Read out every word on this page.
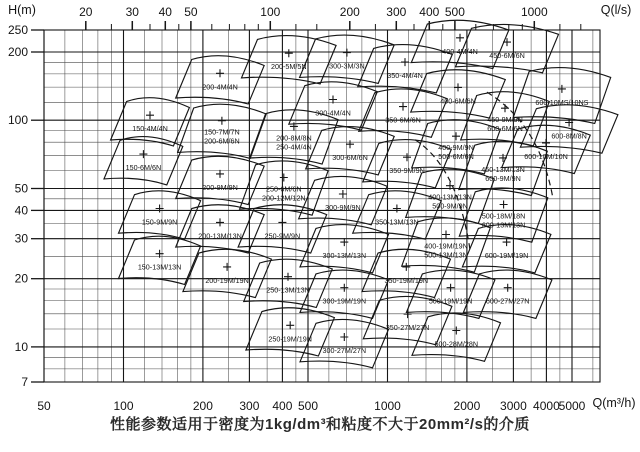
20	30 40 50	100	200 300 400 500	1000
50	100	200 300 400 500	1000	2000 3000 4000
5000
250
200
100
50
40
30
20
10
7
H(m)	Q(l/s)
Q(m³/h)
150-4M/4N	150-7M/7N
200-6M/6N
150-6M/6N
150-9M/9N
150-13M/13N
200-4M/4N
200-5M/5N
200-8M/8N
250-4M/4N
200-9M/9N	250-6M/6N
200-12M/12N
200-13M/13N
200-19M/19N
250-9M/9N
250-13M/13N
250-19M/19N
300-3M/3N
300-4M/4N
300-6M/6N
300-9M/9N
300-13M/13N
300-19M/19N
300-27M/27N
350-4M/4N
350-6M/6N
350-9M/9N
350-13M/13N
350-19M/19N
350-27M/27N
400-4M/4N
400-6M/6N
400-9M/9N
500-6M/6N
400-13M/13N
500-9M/9N
400-19M/19N
500-13M/13N
450-6M/6N
450-9M/9N
600-6M/6N
450-13M/13N
600-9M/9N
500-18M/18N
600-13M/13N
600-19M/19N
500-19M/19N 600-27M/27N
500-28M/28N
600-10MS/10NS
600-8M/8N
600-10M/10N
性能参数适用于密度为1kg/dm³和粘度不大于20mm²/s的介质
